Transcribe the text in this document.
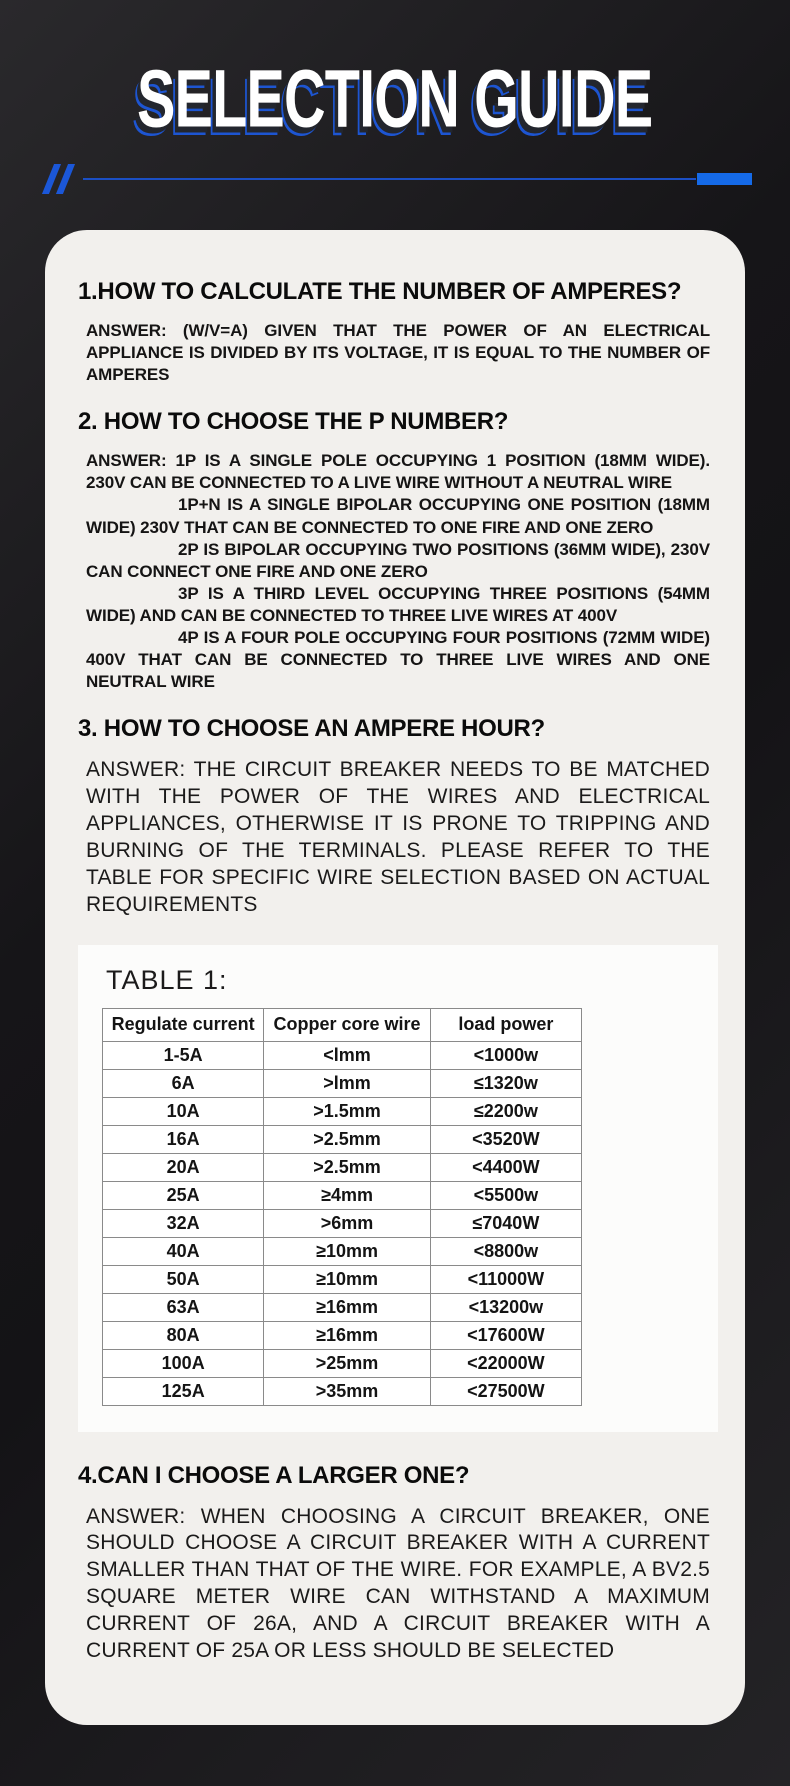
SELECTION GUIDE
1.HOW TO CALCULATE THE NUMBER OF AMPERES?

ANSWER: (W/V=A) GIVEN THAT THE POWER OF AN ELECTRICAL APPLIANCE IS DIVIDED BY ITS VOLTAGE, IT IS EQUAL TO THE NUMBER OF AMPERES

2. HOW TO CHOOSE THE P NUMBER?

ANSWER: 1P IS A SINGLE POLE OCCUPYING 1 POSITION (18MM WIDE). 230V CAN BE CONNECTED TO A LIVE WIRE WITHOUT A NEUTRAL WIRE

1P+N IS A SINGLE BIPOLAR OCCUPYING ONE POSITION (18MM WIDE) 230V THAT CAN BE CONNECTED TO ONE FIRE AND ONE ZERO

2P IS BIPOLAR OCCUPYING TWO POSITIONS (36MM WIDE), 230V CAN CONNECT ONE FIRE AND ONE ZERO

3P IS A THIRD LEVEL OCCUPYING THREE POSITIONS (54MM WIDE) AND CAN BE CONNECTED TO THREE LIVE WIRES AT 400V

4P IS A FOUR POLE OCCUPYING FOUR POSITIONS (72MM WIDE) 400V THAT CAN BE CONNECTED TO THREE LIVE WIRES AND ONE NEUTRAL WIRE

3. HOW TO CHOOSE AN AMPERE HOUR?

ANSWER: THE CIRCUIT BREAKER NEEDS TO BE MATCHED WITH THE POWER OF THE WIRES AND ELECTRICAL APPLIANCES, OTHERWISE IT IS PRONE TO TRIPPING AND BURNING OF THE TERMINALS. PLEASE REFER TO THE TABLE FOR SPECIFIC WIRE SELECTION BASED ON ACTUAL REQUIREMENTS

TABLE 1:
Regulate current	Copper core wire	load power
1-5A	<lmm	<1000w
6A	>lmm	≤1320w
10A	>1.5mm	≤2200w
16A	>2.5mm	<3520W
20A	>2.5mm	<4400W
25A	≥4mm	<5500w
32A	>6mm	≤7040W
40A	≥10mm	<8800w
50A	≥10mm	<11000W
63A	≥16mm	<13200w
80A	≥16mm	<17600W
100A	>25mm	<22000W
125A	>35mm	<27500W
4.CAN I CHOOSE A LARGER ONE?

ANSWER: WHEN CHOOSING A CIRCUIT BREAKER, ONE SHOULD CHOOSE A CIRCUIT BREAKER WITH A CURRENT SMALLER THAN THAT OF THE WIRE. FOR EXAMPLE, A BV2.5 SQUARE METER WIRE CAN WITHSTAND A MAXIMUM CURRENT OF 26A, AND A CIRCUIT BREAKER WITH A CURRENT OF 25A OR LESS SHOULD BE SELECTED
